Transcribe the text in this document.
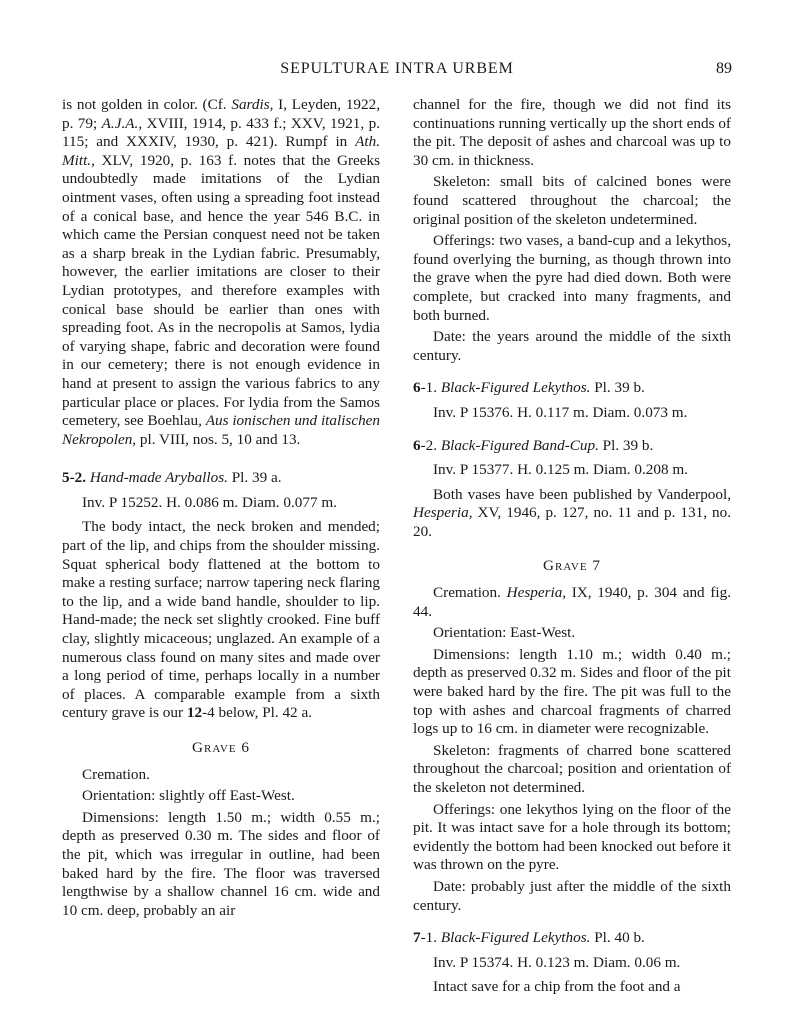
SEPULTURAE INTRA URBEM	89

is not golden in color. (Cf. Sardis, I, Leyden, 1922, p. 79; A.J.A., XVIII, 1914, p. 433 f.; XXV, 1921, p. 115; and XXXIV, 1930, p. 421). Rumpf in Ath. Mitt., XLV, 1920, p. 163 f. notes that the Greeks undoubtedly made imitations of the Lydian ointment vases, often using a spreading foot instead of a conical base, and hence the year 546 B.C. in which came the Persian conquest need not be taken as a sharp break in the Lydian fabric. Presumably, however, the earlier imitations are closer to their Lydian prototypes, and therefore examples with conical base should be earlier than ones with spreading foot. As in the necropolis at Samos, lydia of varying shape, fabric and decoration were found in our cemetery; there is not enough evidence in hand at present to assign the various fabrics to any particular place or places. For lydia from the Samos cemetery, see Boehlau, Aus ionischen und italischen Nekropolen, pl. VIII, nos. 5, 10 and 13.

5-2. Hand-made Aryballos. Pl. 39 a.

Inv. P 15252. H. 0.086 m. Diam. 0.077 m.

The body intact, the neck broken and mended; part of the lip, and chips from the shoulder missing. Squat spherical body flattened at the bottom to make a resting surface; narrow tapering neck flaring to the lip, and a wide band handle, shoulder to lip. Hand-made; the neck set slightly crooked. Fine buff clay, slightly micaceous; unglazed. An example of a numerous class found on many sites and made over a long period of time, perhaps locally in a number of places. A comparable example from a sixth century grave is our 12-4 below, Pl. 42 a.

Grave 6

Cremation.

Orientation: slightly off East-West.

Dimensions: length 1.50 m.; width 0.55 m.; depth as preserved 0.30 m. The sides and floor of the pit, which was irregular in outline, had been baked hard by the fire. The floor was traversed lengthwise by a shallow channel 16 cm. wide and 10 cm. deep, probably an air

channel for the fire, though we did not find its continuations running vertically up the short ends of the pit. The deposit of ashes and charcoal was up to 30 cm. in thickness.

Skeleton: small bits of calcined bones were found scattered throughout the charcoal; the original position of the skeleton undetermined.

Offerings: two vases, a band-cup and a lekythos, found overlying the burning, as though thrown into the grave when the pyre had died down. Both were complete, but cracked into many fragments, and both burned.

Date: the years around the middle of the sixth century.

6-1. Black-Figured Lekythos. Pl. 39 b.

Inv. P 15376. H. 0.117 m. Diam. 0.073 m.

6-2. Black-Figured Band-Cup. Pl. 39 b.

Inv. P 15377. H. 0.125 m. Diam. 0.208 m.

Both vases have been published by Vanderpool, Hesperia, XV, 1946, p. 127, no. 11 and p. 131, no. 20.

Grave 7

Cremation. Hesperia, IX, 1940, p. 304 and fig. 44.

Orientation: East-West.

Dimensions: length 1.10 m.; width 0.40 m.; depth as preserved 0.32 m. Sides and floor of the pit were baked hard by the fire. The pit was full to the top with ashes and charcoal fragments of charred logs up to 16 cm. in diameter were recognizable.

Skeleton: fragments of charred bone scattered throughout the charcoal; position and orientation of the skeleton not determined.

Offerings: one lekythos lying on the floor of the pit. It was intact save for a hole through its bottom; evidently the bottom had been knocked out before it was thrown on the pyre.

Date: probably just after the middle of the sixth century.

7-1. Black-Figured Lekythos. Pl. 40 b.

Inv. P 15374. H. 0.123 m. Diam. 0.06 m.

Intact save for a chip from the foot and a
